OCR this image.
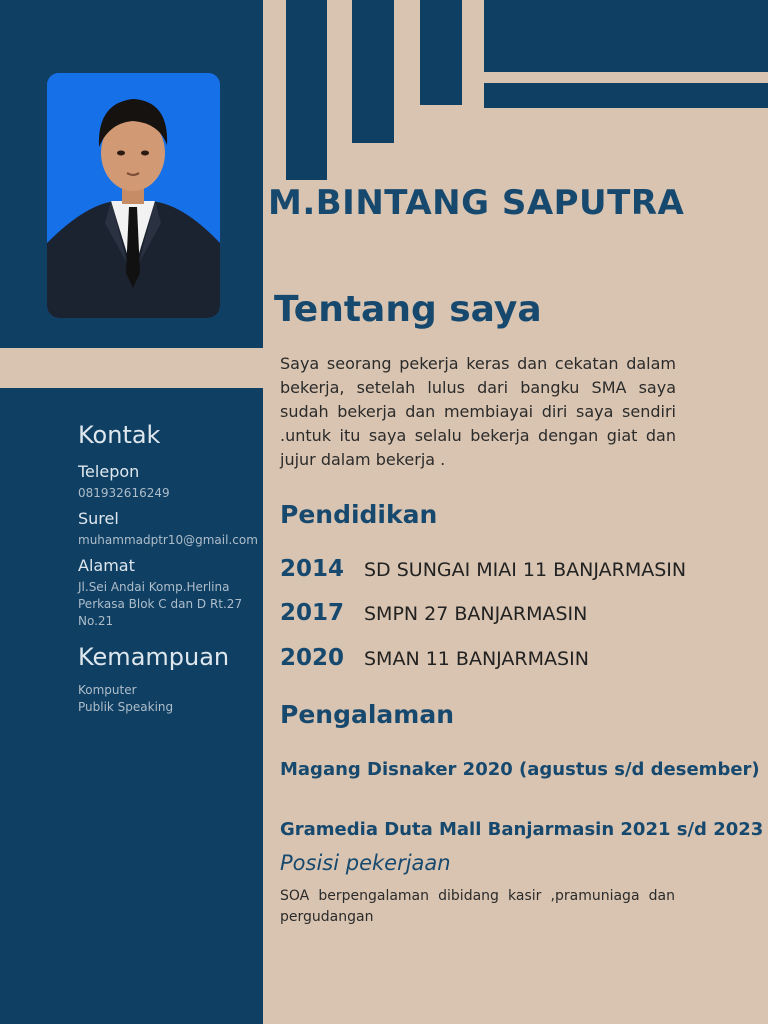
M.BINTANG SAPUTRA
Tentang saya
Saya seorang pekerja keras dan cekatan dalam bekerja, setelah lulus dari bangku SMA saya sudah bekerja dan membiayai diri saya sendiri .untuk itu saya selalu bekerja dengan giat dan jujur dalam bekerja .
Pendidikan
2014 SD SUNGAI MIAI 11 BANJARMASIN
2017 SMPN 27 BANJARMASIN
2020 SMAN 11 BANJARMASIN
Pengalaman
Magang Disnaker 2020 (agustus s/d desember)
Gramedia Duta Mall Banjarmasin 2021 s/d 2023
Posisi pekerjaan
SOA berpengalaman dibidang kasir ,pramuniaga dan pergudangan
Kontak
Telepon
081932616249
Surel
muhammadptr10@gmail.com
Alamat
Jl.Sei Andai Komp.Herlina
Perkasa Blok C dan D Rt.27
No.21
Kemampuan
Komputer
Publik Speaking
